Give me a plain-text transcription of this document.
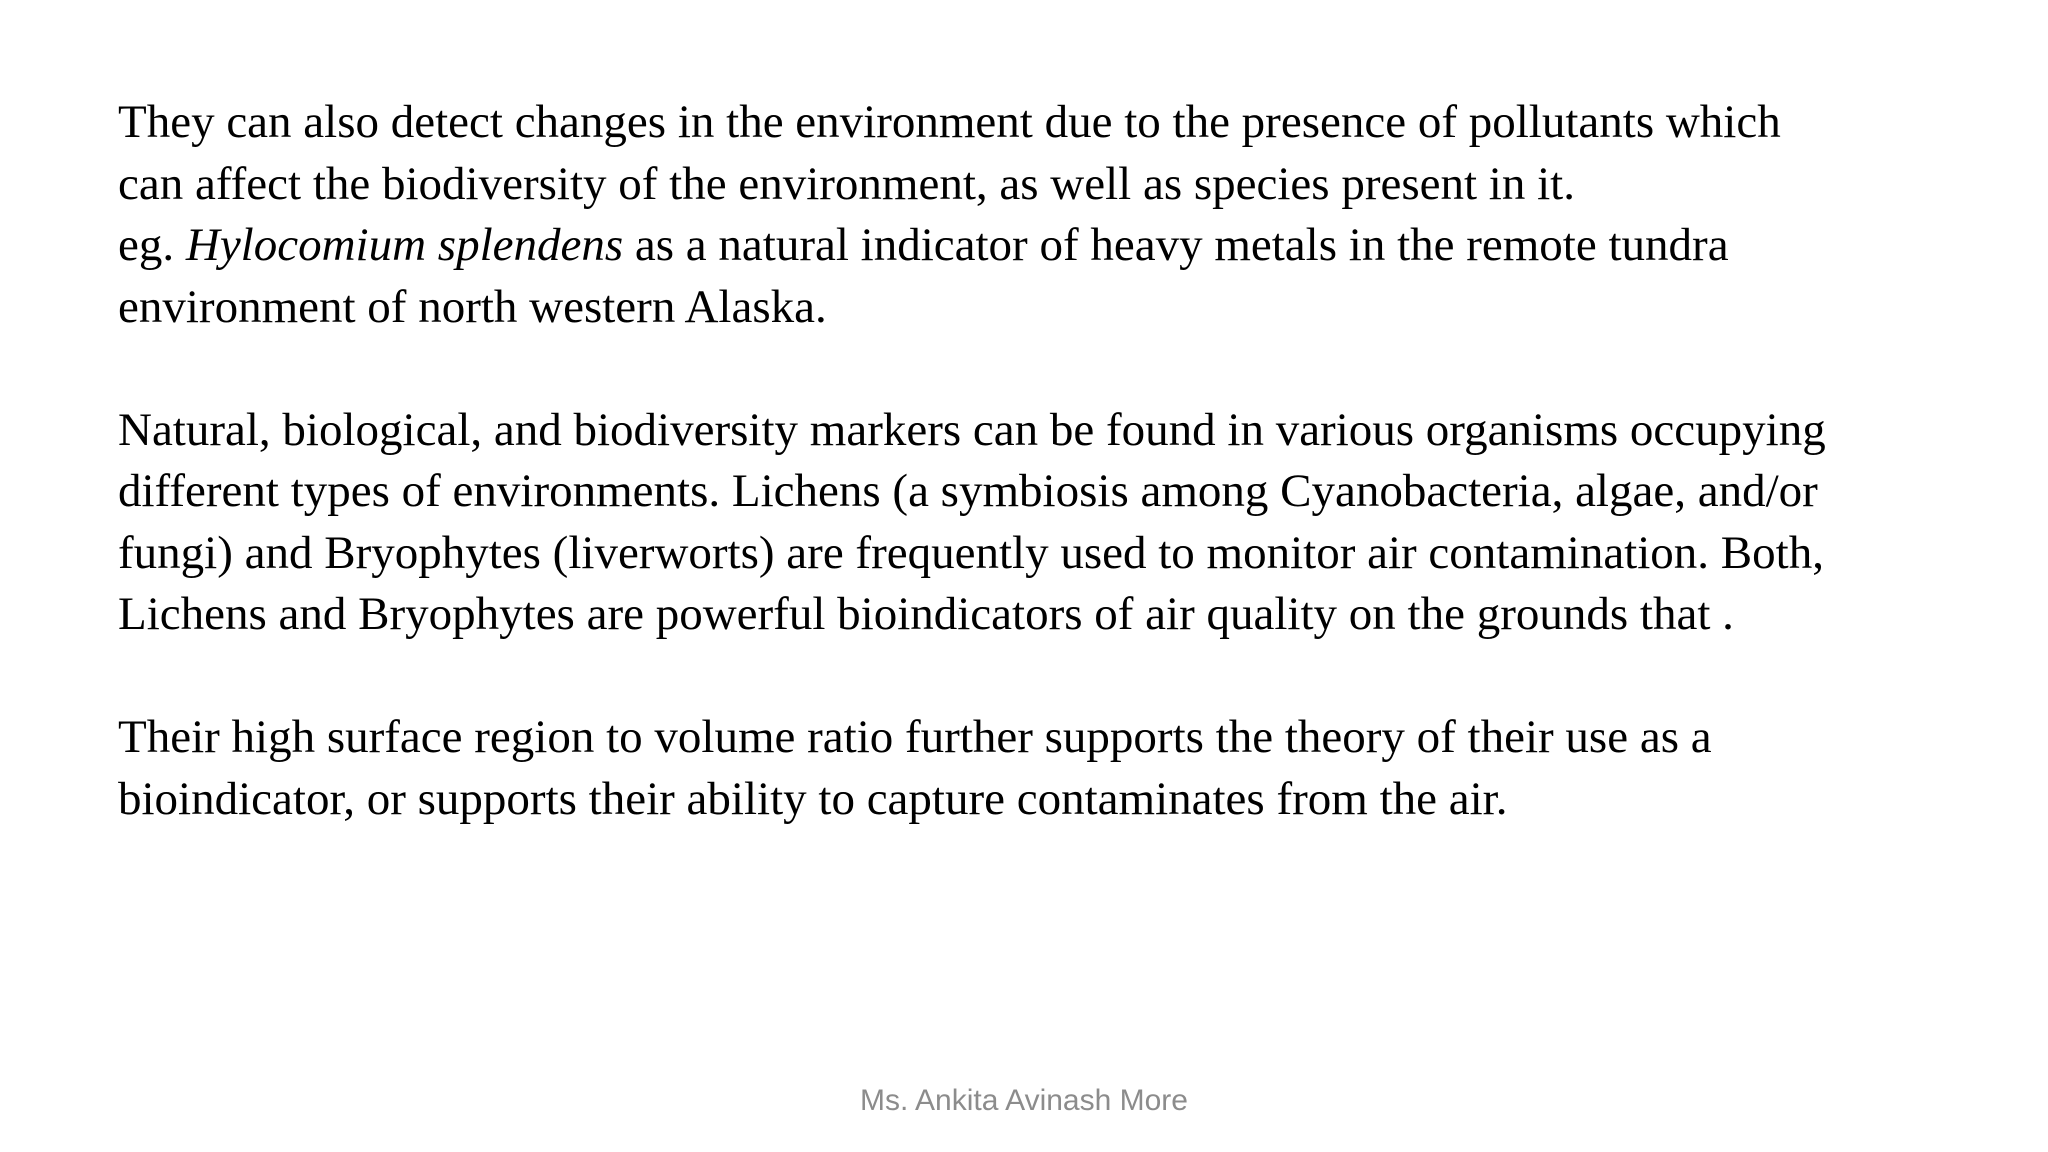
They can also detect changes in the environment due to the presence of pollutants which
can affect the biodiversity of the environment, as well as species present in it.
eg. Hylocomium splendens as a natural indicator of heavy metals in the remote tundra
environment of north western Alaska.

Natural, biological, and biodiversity markers can be found in various organisms occupying
different types of environments. Lichens (a symbiosis among Cyanobacteria, algae, and/or
fungi) and Bryophytes (liverworts) are frequently used to monitor air contamination. Both,
Lichens and Bryophytes are powerful bioindicators of air quality on the grounds that .

Their high surface region to volume ratio further supports the theory of their use as a
bioindicator, or supports their ability to capture contaminates from the air.

Ms. Ankita Avinash More
